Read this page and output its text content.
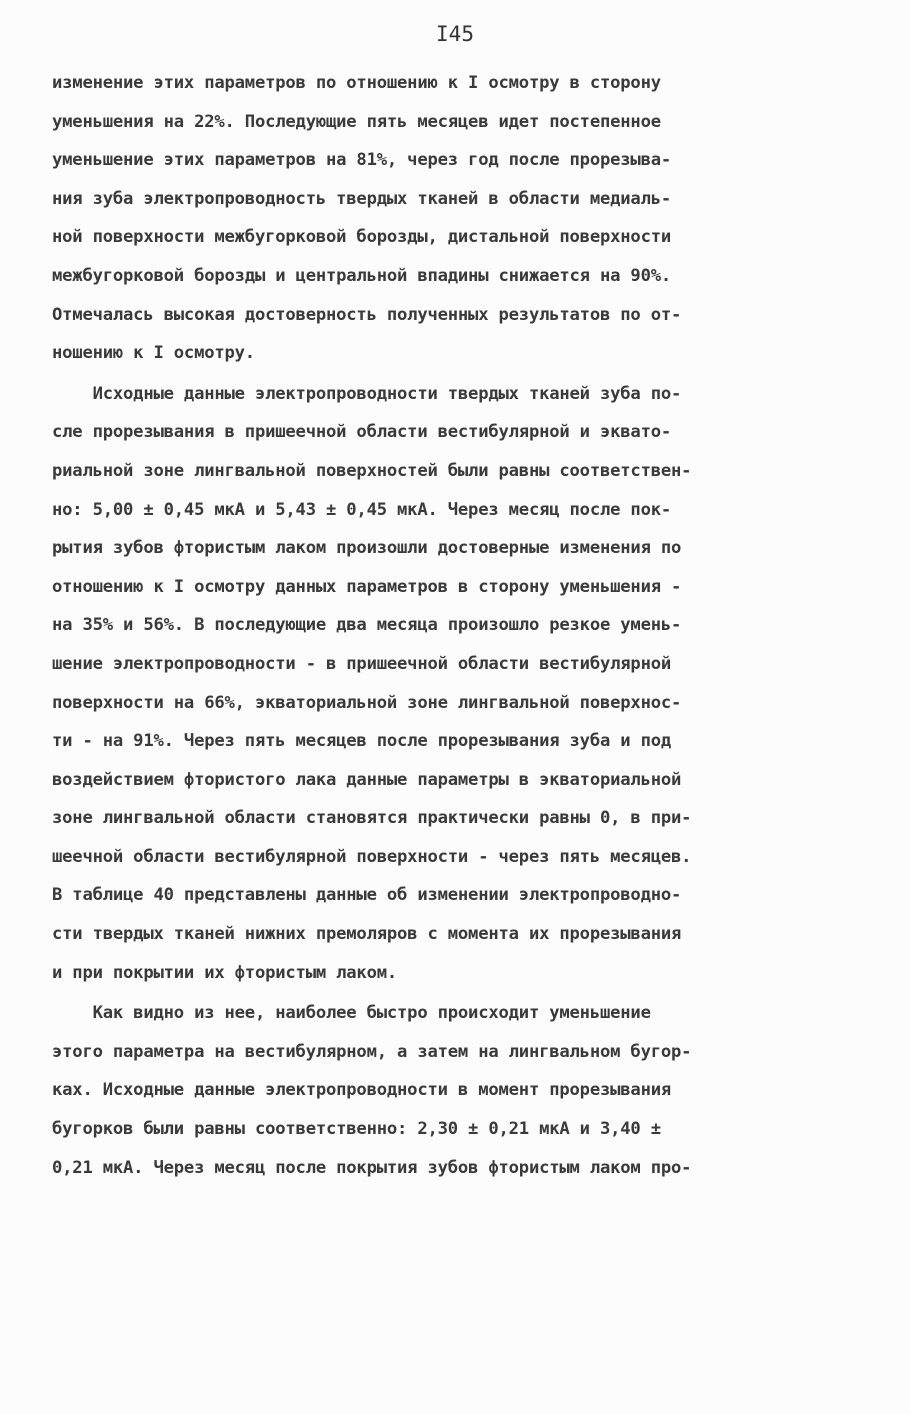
I45
изменение этих параметров по отношению к I осмотру в сторону
уменьшения на 22%. Последующие пять месяцев идет постепенное
уменьшение этих параметров на 81%, через год после прорезыва-
ния зуба электропроводность твердых тканей в области медиаль-
ной поверхности межбугорковой борозды, дистальной поверхности
межбугорковой борозды и центральной впадины снижается на 90%.
Отмечалась высокая достоверность полученных результатов по от-
ношению к I осмотру.
Исходные данные электропроводности твердых тканей зуба по-
сле прорезывания в пришеечной области вестибулярной и эквато-
риальной зоне лингвальной поверхностей были равны соответствен-
но: 5,00 ± 0,45 мкА и 5,43 ± 0,45 мкА. Через месяц после пок-
рытия зубов фтористым лаком произошли достоверные изменения по
отношению к I осмотру данных параметров в сторону уменьшения -
на 35% и 56%. В последующие два месяца произошло резкое умень-
шение электропроводности - в пришеечной области вестибулярной
поверхности на 66%, экваториальной зоне лингвальной поверхнос-
ти - на 91%. Через пять месяцев после прорезывания зуба и под
воздействием фтористого лака данные параметры в экваториальной
зоне лингвальной области становятся практически равны 0, в при-
шеечной области вестибулярной поверхности - через пять месяцев.
В таблице 40 представлены данные об изменении электропроводно-
сти твердых тканей нижних премоляров с момента их прорезывания
и при покрытии их фтористым лаком.
Как видно из нее, наиболее быстро происходит уменьшение
этого параметра на вестибулярном, а затем на лингвальном бугор-
ках. Исходные данные электропроводности в момент прорезывания
бугорков были равны соответственно: 2,30 ± 0,21 мкА и 3,40 ±
0,21 мкА. Через месяц после покрытия зубов фтористым лаком про-
